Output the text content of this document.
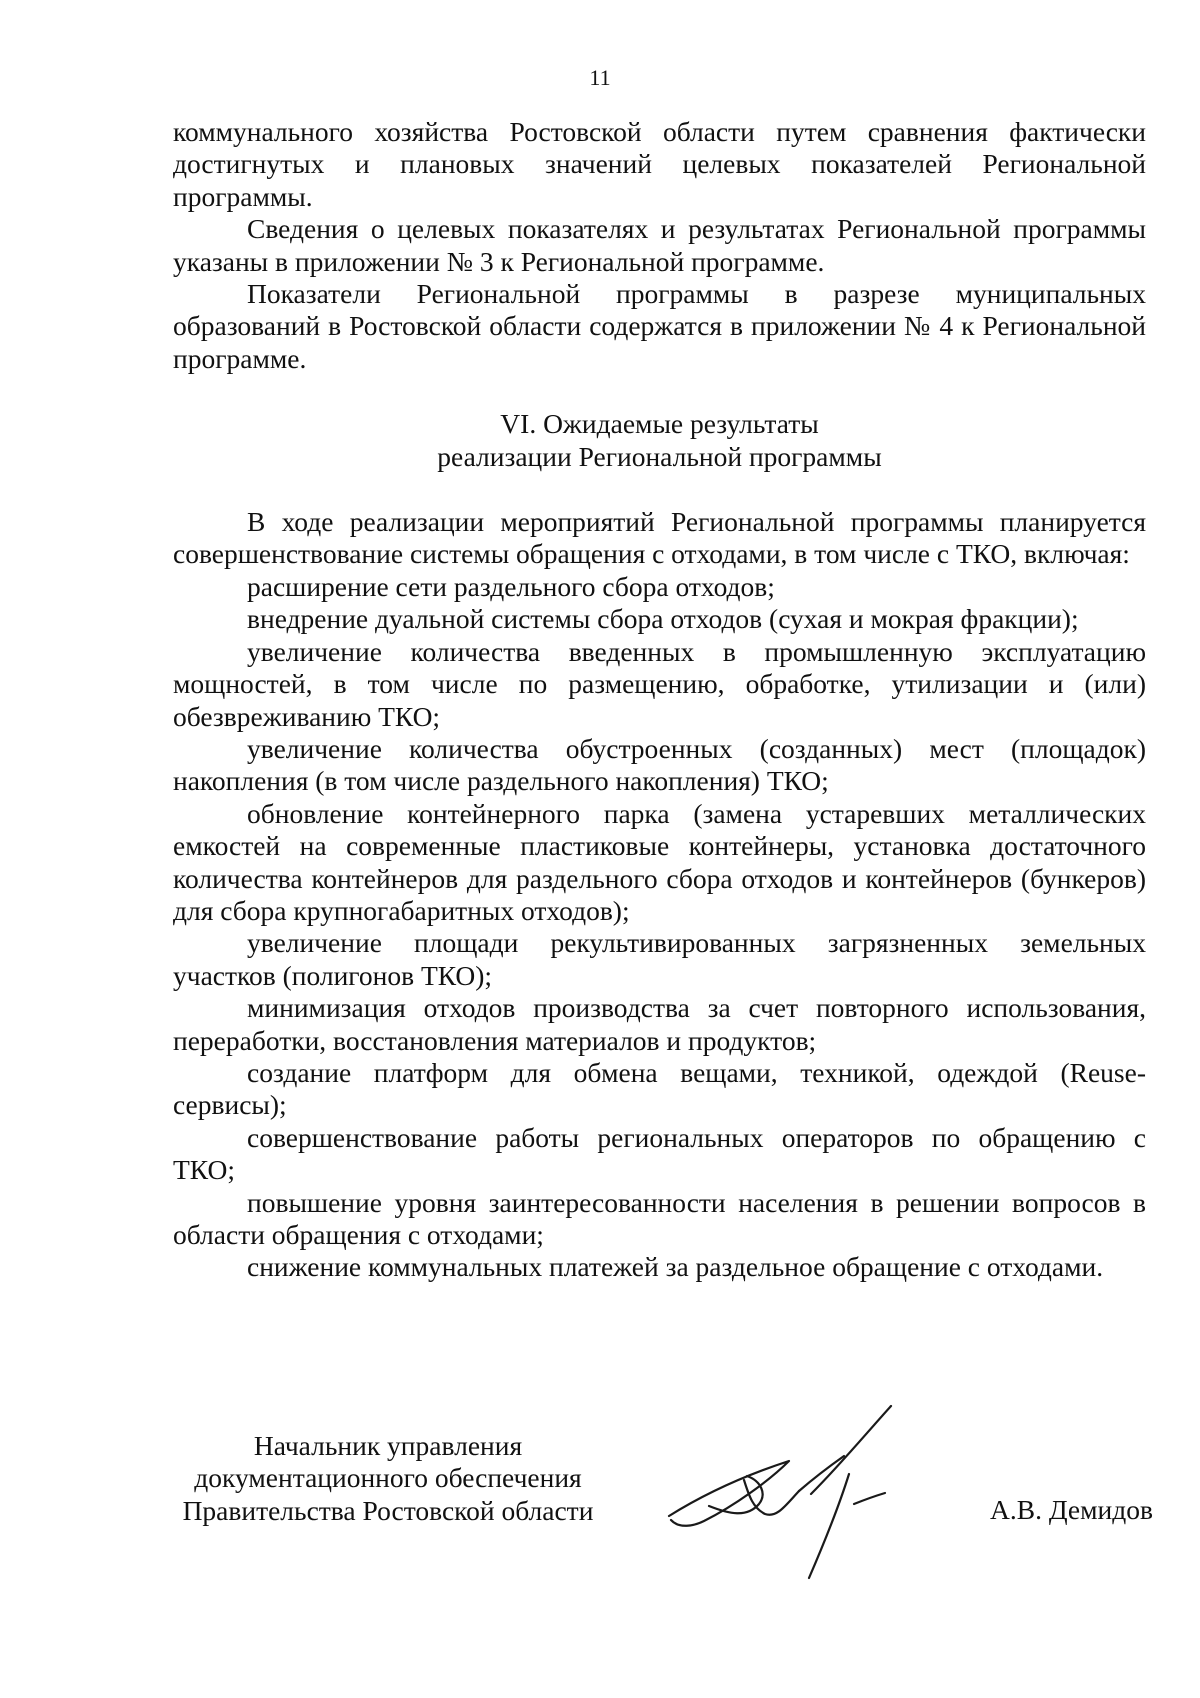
11

коммунального хозяйства Ростовской области путем сравнения фактически достигнутых и плановых значений целевых показателей Региональной программы.

Сведения о целевых показателях и результатах Региональной программы указаны в приложении № 3 к Региональной программе.

Показатели Региональной программы в разрезе муниципальных образований в Ростовской области содержатся в приложении № 4 к Региональной программе.

VI. Ожидаемые результаты
реализации Региональной программы

В ходе реализации мероприятий Региональной программы планируется совершенствование системы обращения с отходами, в том числе с ТКО, включая:

расширение сети раздельного сбора отходов;

внедрение дуальной системы сбора отходов (сухая и мокрая фракции);

увеличение количества введенных в промышленную эксплуатацию мощностей, в том числе по размещению, обработке, утилизации и (или) обезвреживанию ТКО;

увеличение количества обустроенных (созданных) мест (площадок) накопления (в том числе раздельного накопления) ТКО;

обновление контейнерного парка (замена устаревших металлических емкостей на современные пластиковые контейнеры, установка достаточного количества контейнеров для раздельного сбора отходов и контейнеров (бункеров) для сбора крупногабаритных отходов);

увеличение площади рекультивированных загрязненных земельных участков (полигонов ТКО);

минимизация отходов производства за счет повторного использования, переработки, восстановления материалов и продуктов;

создание платформ для обмена вещами, техникой, одеждой (Reuse-сервисы);

совершенствование работы региональных операторов по обращению с ТКО;

повышение уровня заинтересованности населения в решении вопросов в области обращения с отходами;

снижение коммунальных платежей за раздельное обращение с отходами.

Начальник управления
документационного обеспечения
Правительства Ростовской области	А.В. Демидов
